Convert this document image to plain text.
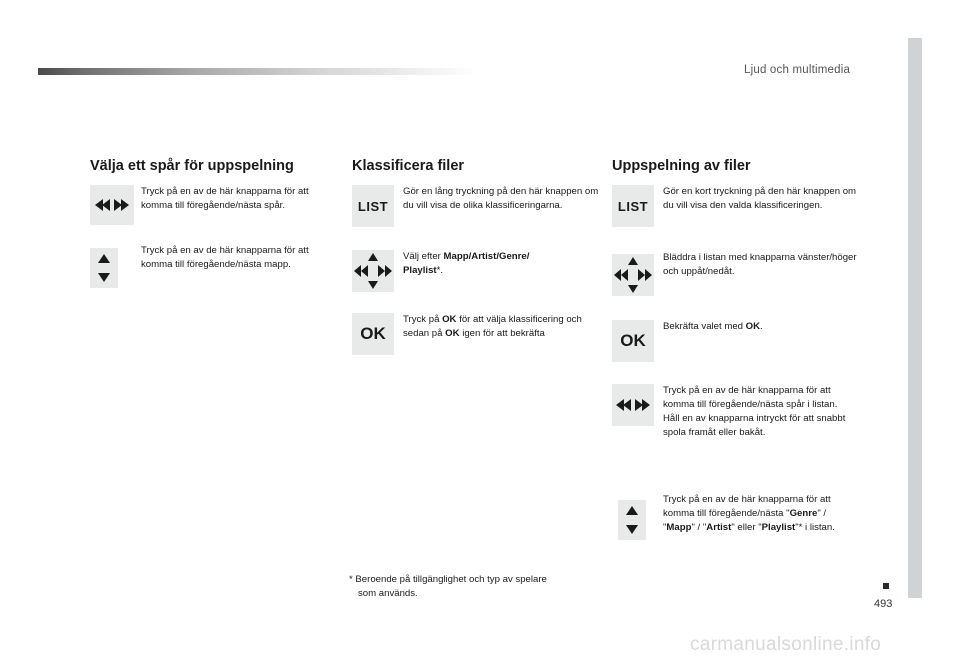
Ljud och multimedia
493
Välja ett spår för uppspelning
Tryck på en av de här knapparna för att komma till föregående/nästa spår.
Tryck på en av de här knapparna för att komma till föregående/nästa mapp.
Klassificera filer
LIST
Gör en lång tryckning på den här knappen om du vill visa de olika klassificeringarna.
Välj efter Mapp/Artist/Genre/
Playlist*.
OK
Tryck på OK för att välja klassificering och sedan på OK igen för att bekräfta
Uppspelning av filer
LIST
Gör en kort tryckning på den här knappen om du vill visa den valda klassificeringen.
Bläddra i listan med knapparna vänster/höger och uppåt/nedåt.
OK
Bekräfta valet med OK.
Tryck på en av de här knapparna för att komma till föregående/nästa spår i listan.
Håll en av knapparna intryckt för att snabbt spola framåt eller bakåt.
Tryck på en av de här knapparna för att komma till föregående/nästa "Genre" / "Mapp" / "Artist" eller "Playlist"* i listan.
* Beroende på tillgänglighet och typ av spelare
som används.
carmanualsonline.info
